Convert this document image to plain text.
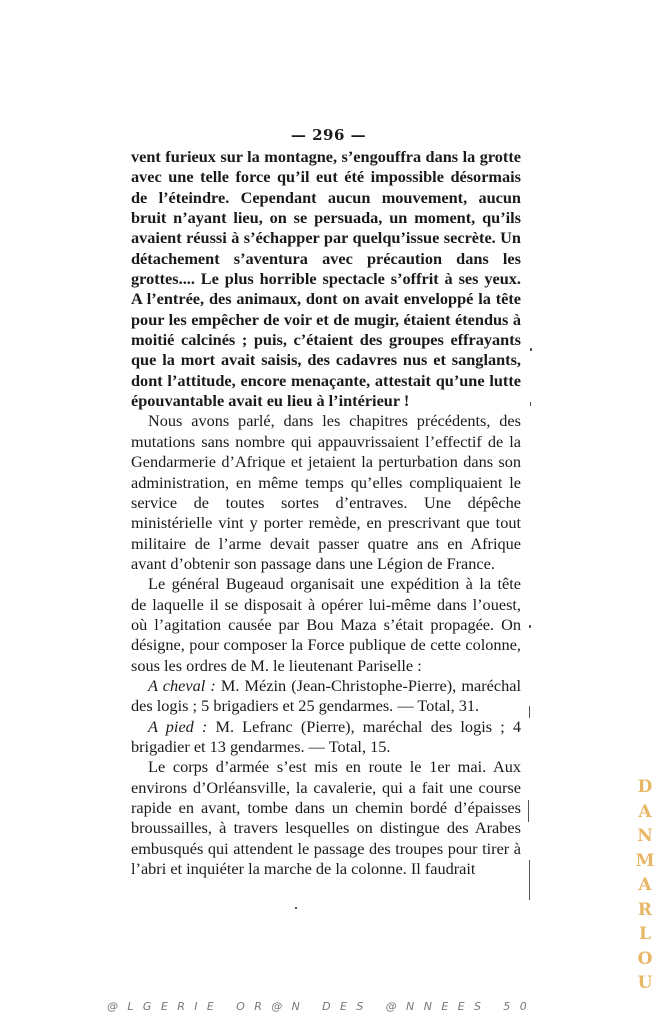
— 296 —

vent furieux sur la montagne, s’engouffra dans la grotte avec une telle force qu’il eut été impossible désormais de l’éteindre. Cependant aucun mouvement, aucun bruit n’ayant lieu, on se persuada, un moment, qu’ils avaient réussi à s’échapper par quelqu’issue secrète. Un détachement s’aventura avec précaution dans les grottes.... Le plus horrible spectacle s’offrit à ses yeux. A l’entrée, des animaux, dont on avait enveloppé la tête pour les empêcher de voir et de mugir, étaient étendus à moitié calcinés ; puis, c’étaient des groupes effrayants que la mort avait saisis, des cadavres nus et sanglants, dont l’attitude, encore menaçante, attestait qu’une lutte épouvantable avait eu lieu à l’intérieur !

Nous avons parlé, dans les chapitres précédents, des mutations sans nombre qui appauvrissaient l’effectif de la Gendarmerie d’Afrique et jetaient la perturbation dans son administration, en même temps qu’elles compliquaient le service de toutes sortes d’entraves. Une dépêche ministérielle vint y porter remède, en prescrivant que tout militaire de l’arme devait passer quatre ans en Afrique avant d’obtenir son passage dans une Légion de France.

Le général Bugeaud organisait une expédition à la tête de laquelle il se disposait à opérer lui-même dans l’ouest, où l’agitation causée par Bou Maza s’était propagée. On désigne, pour composer la Force publique de cette colonne, sous les ordres de M. le lieutenant Pariselle :

A cheval : M. Mézin (Jean-Christophe-Pierre), maréchal des logis ; 5 brigadiers et 25 gendarmes. — Total, 31.

A pied : M. Lefranc (Pierre), maréchal des logis ; 4 brigadier et 13 gendarmes. — Total, 15.

Le corps d’armée s’est mis en route le 1er mai. Aux environs d’Orléansville, la cavalerie, qui a fait une course rapide en avant, tombe dans un chemin bordé d’épaisses broussailles, à travers lesquelles on distingue des Arabes embusqués qui attendent le passage des troupes pour tirer à l’abri et inquiéter la marche de la colonne. Il faudrait

D
A
N
M
A
R
L
O
U
@LGERIE OR@N DES @NNEES 50
